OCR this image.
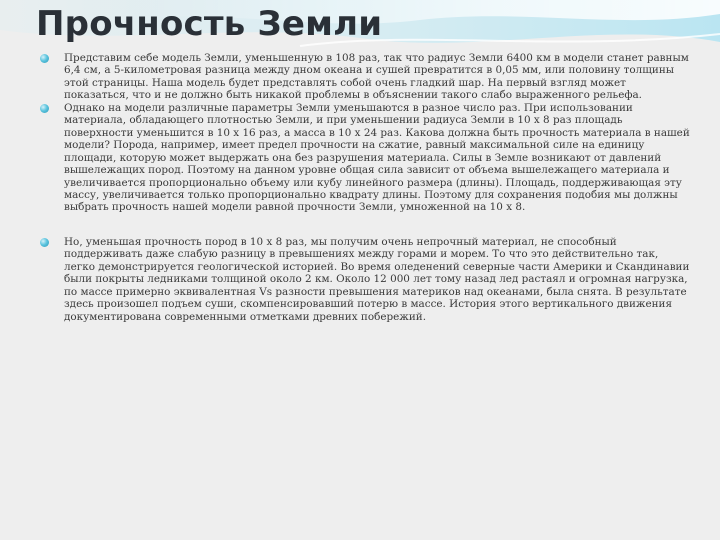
Прочность Земли

Представим себе модель Земли, уменьшенную в 108 раз, так что радиус Земли 6400 км в модели станет равным 6,4 см, а 5-километровая разница между дном океана и сушей превратится в 0,05 мм, или половину толщины этой страницы. Наша модель будет представлять собой очень гладкий шар. На первый взгляд может показаться, что и не должно быть никакой проблемы в объяснении такого слабо выраженного рельефа.

Однако на модели различные параметры Земли уменьшаются в разное число раз. При использовании материала, обладающего плотностью Земли, и при уменьшении радиуса Земли в 10 х 8 раз площадь поверхности уменьшится в 10 х 16 раз, а масса в 10 х 24 раз. Какова должна быть прочность материала в нашей модели? Порода, например, имеет предел прочности на сжатие, равный максимальной силе на единицу площади, которую может выдержать она без разрушения материала. Силы в Земле возникают от давлений вышележащих пород. Поэтому на данном уровне общая сила зависит от объема вышележащего материала и увеличивается пропорционально объему или кубу линейного размера (длины). Площадь, поддерживающая эту массу, увеличивается только пропорционально квадрату длины. Поэтому для сохранения подобия мы должны выбрать прочность нашей модели равной прочности Земли, умноженной на 10 х 8.

Но, уменьшая прочность пород в 10 х 8 раз, мы получим очень непрочный материал, не способный поддерживать даже слабую разницу в превышениях между горами и морем. То что это действительно так, легко демонстрируется геологической историей. Во время оледенений северные части Америки и Скандинавии были покрыты ледниками толщиной около 2 км. Около 12 000 лет тому назад лед растаял и огромная нагрузка, по массе примерно эквивалентная Vs разности превышения материков над океанами, была снята. В результате здесь произошел подъем суши, скомпенсировавший потерю в массе. История этого вертикального движения документирована современными отметками древних побережий.
